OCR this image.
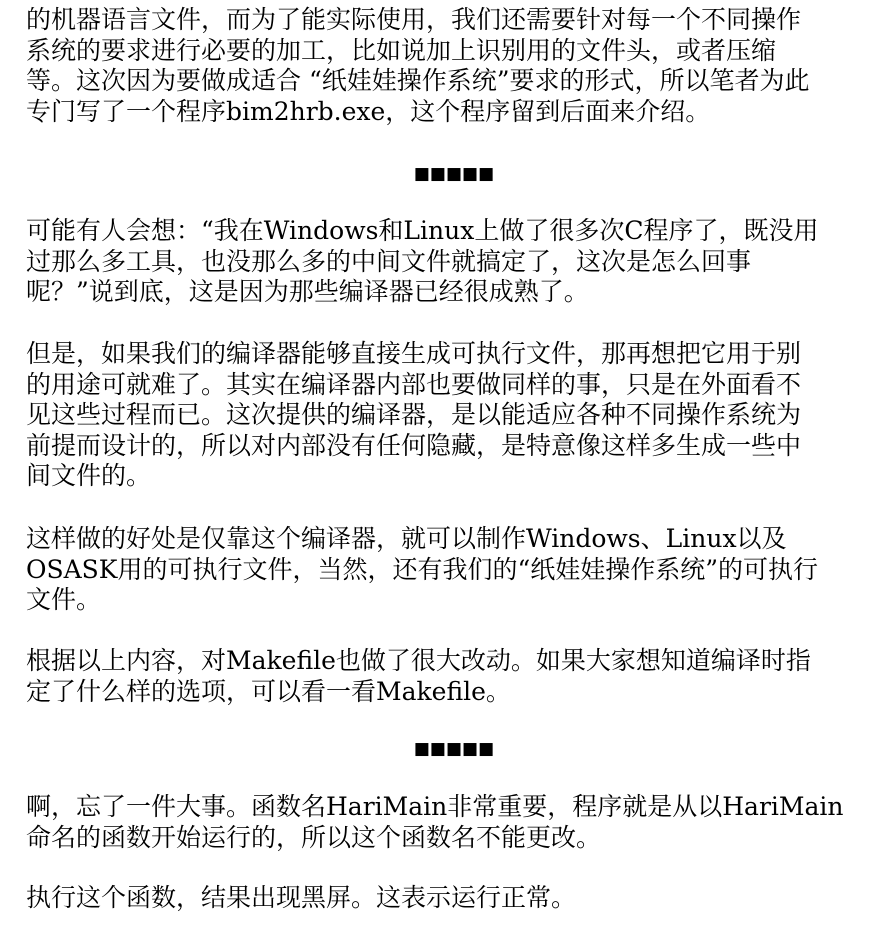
的机器语言文件，而为了能实际使用，我们还需要针对每一个不同操作
系统的要求进行必要的加工，比如说加上识别用的文件头，或者压缩
等。这次因为要做成适合 “纸娃娃操作系统”要求的形式，所以笔者为此
专门写了一个程序bim2hrb.exe，这个程序留到后面来介绍。

■■■■■

可能有人会想：“我在Windows和Linux上做了很多次C程序了，既没用
过那么多工具，也没那么多的中间文件就搞定了，这次是怎么回事
呢？”说到底，这是因为那些编译器已经很成熟了。

但是，如果我们的编译器能够直接生成可执行文件，那再想把它用于别
的用途可就难了。其实在编译器内部也要做同样的事，只是在外面看不
见这些过程而已。这次提供的编译器，是以能适应各种不同操作系统为
前提而设计的，所以对内部没有任何隐藏，是特意像这样多生成一些中
间文件的。

这样做的好处是仅靠这个编译器，就可以制作Windows、Linux以及
OSASK用的可执行文件，当然，还有我们的“纸娃娃操作系统”的可执行
文件。

根据以上内容，对Makefile也做了很大改动。如果大家想知道编译时指
定了什么样的选项，可以看一看Makefile。

■■■■■

啊，忘了一件大事。函数名HariMain非常重要，程序就是从以HariMain
命名的函数开始运行的，所以这个函数名不能更改。

执行这个函数，结果出现黑屏。这表示运行正常。
